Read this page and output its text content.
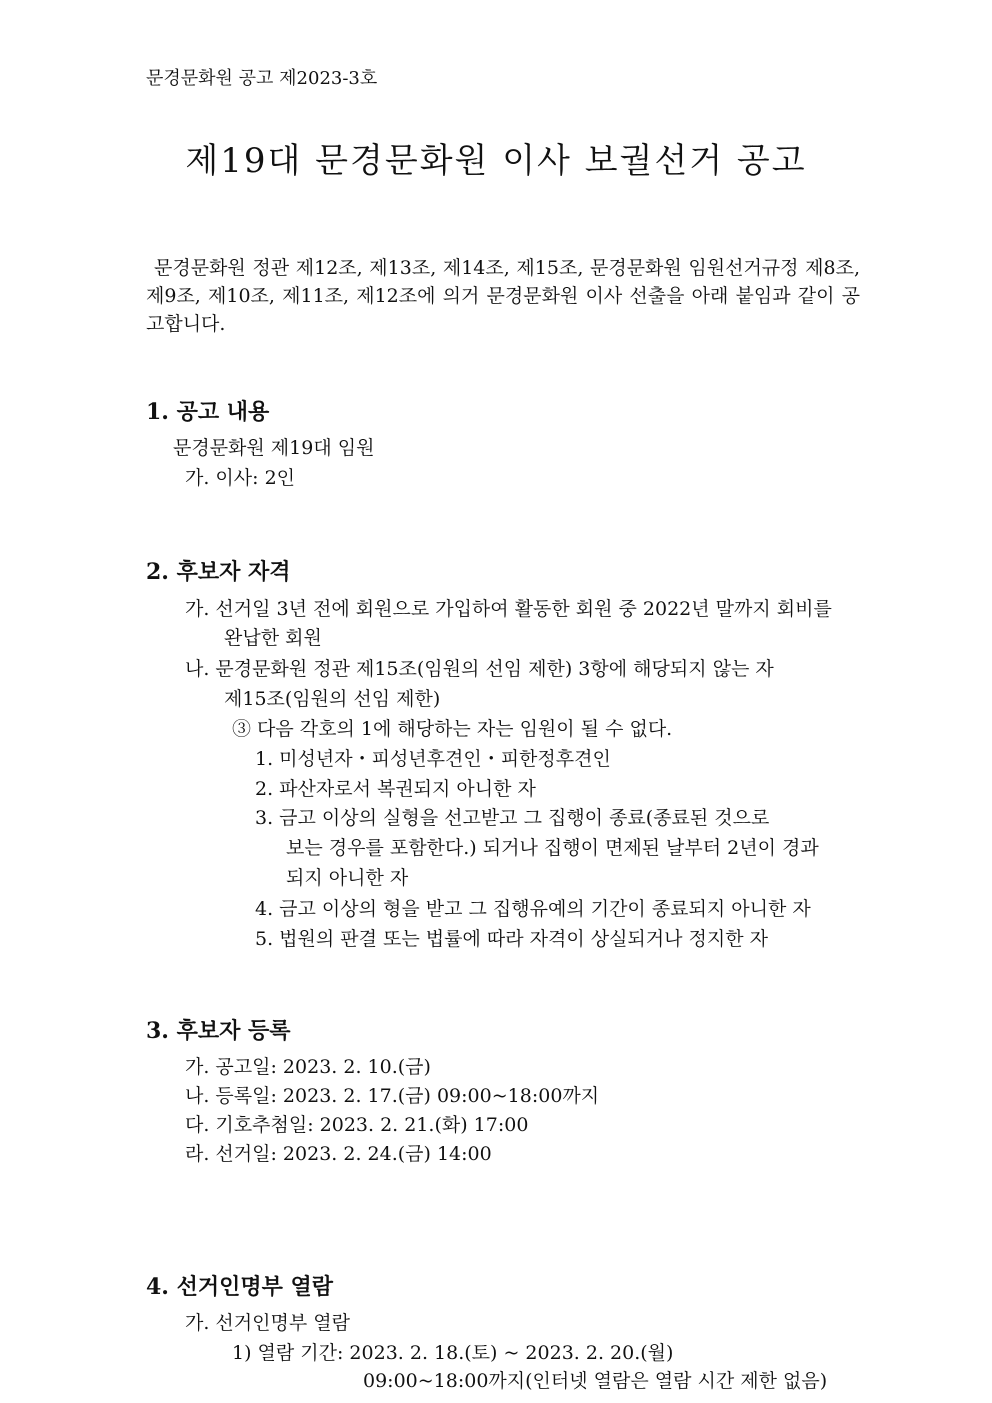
문경문화원 공고 제2023-3호
제19대 문경문화원 이사 보궐선거 공고
문경문화원 정관 제12조, 제13조, 제14조, 제15조, 문경문화원 임원선거규정 제8조, 제9조, 제10조, 제11조, 제12조에 의거 문경문화원 이사 선출을 아래 붙임과 같이 공고합니다.
1. 공고 내용
문경문화원 제19대 임원
가. 이사: 2인
2. 후보자 자격
가. 선거일 3년 전에 회원으로 가입하여 활동한 회원 중 2022년 말까지 회비를
완납한 회원
나. 문경문화원 정관 제15조(임원의 선임 제한) 3항에 해당되지 않는 자
제15조(임원의 선임 제한)
③ 다음 각호의 1에 해당하는 자는 임원이 될 수 없다.
1. 미성년자・피성년후견인・피한정후견인
2. 파산자로서 복권되지 아니한 자
3. 금고 이상의 실형을 선고받고 그 집행이 종료(종료된 것으로
보는 경우를 포함한다.) 되거나 집행이 면제된 날부터 2년이 경과
되지 아니한 자
4. 금고 이상의 형을 받고 그 집행유예의 기간이 종료되지 아니한 자
5. 법원의 판결 또는 법률에 따라 자격이 상실되거나 정지한 자
3. 후보자 등록
가. 공고일: 2023. 2. 10.(금)
나. 등록일: 2023. 2. 17.(금) 09:00~18:00까지
다. 기호추첨일: 2023. 2. 21.(화) 17:00
라. 선거일: 2023. 2. 24.(금) 14:00
4. 선거인명부 열람
가. 선거인명부 열람
1) 열람 기간: 2023. 2. 18.(토) ~ 2023. 2. 20.(월)
09:00~18:00까지(인터넷 열람은 열람 시간 제한 없음)
